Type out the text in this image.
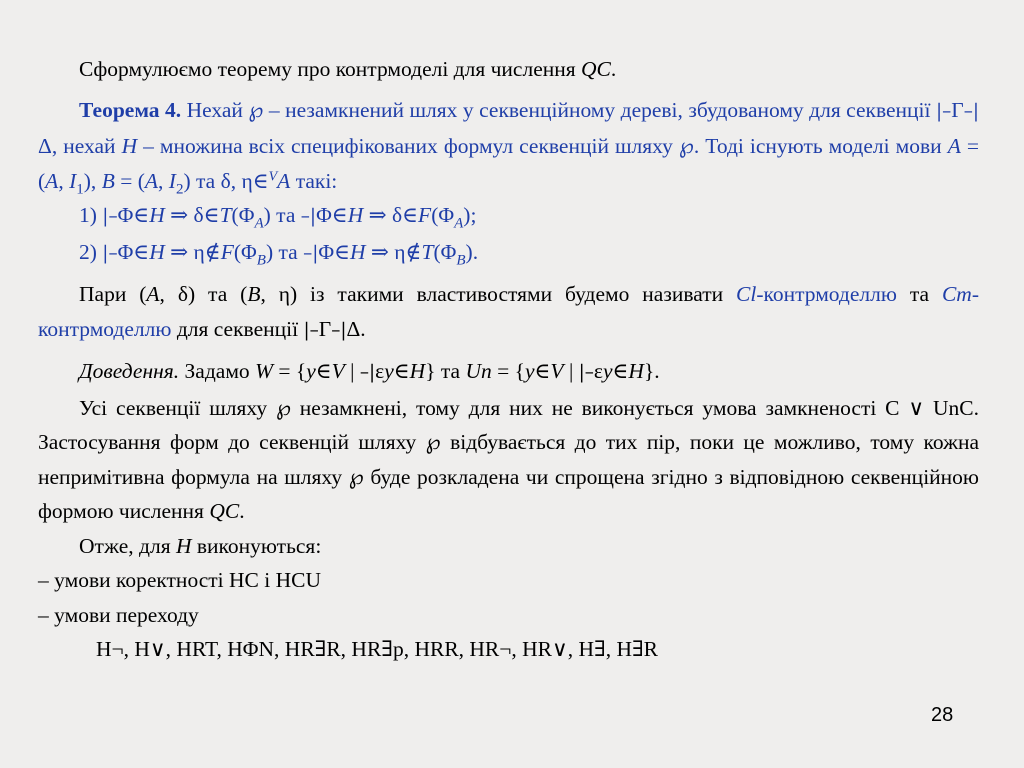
Сформулюємо теорему про контрмоделі для числення QC.

Теорема 4. Нехай ℘ – незамкнений шлях у секвенційному дереві, збудованому для секвенції |–Γ–|Δ, нехай H – множина всіх специфікованих формул секвенцій шляху ℘. Тоді існують моделі мови A = (A, $I_1$), B = (A, $I_2$) та δ, η∈$^V$A такі:

1) |–Φ∈H ⇒ $\delta\in T(\Phi_A)$ та –|Φ∈H ⇒ $\delta\in F(\Phi_A)$;

2) |–Φ∈H ⇒ $\eta\notin F(\Phi_B)$ та –|Φ∈H ⇒ $\eta\notin T(\Phi_B)$.

Пари (A, δ) та (B, η) із такими властивостями будемо називати Cl-контрмоделлю та Cm-контрмоделлю для секвенції |–Γ–|Δ.

Доведення. Задамо W = {y∈V | –|εy∈H} та Un = {y∈V | |–εy∈H}.

Усі секвенції шляху ℘ незамкнені, тому для них не виконується умова замкненості C ∨ UnC. Застосування форм до секвенцій шляху ℘ відбувається до тих пір, поки це можливо, тому кожна непримітивна формула на шляху ℘ буде розкладена чи спрощена згідно з відповідною секвенційною формою числення QC.

Отже, для H виконуються:

– умови коректності HC і HCU

– умови переходу

H¬, H∨, HRT, HΦN, HR∃R, HR∃p, HRR, HR¬, HR∨, H∃, H∃R

28
